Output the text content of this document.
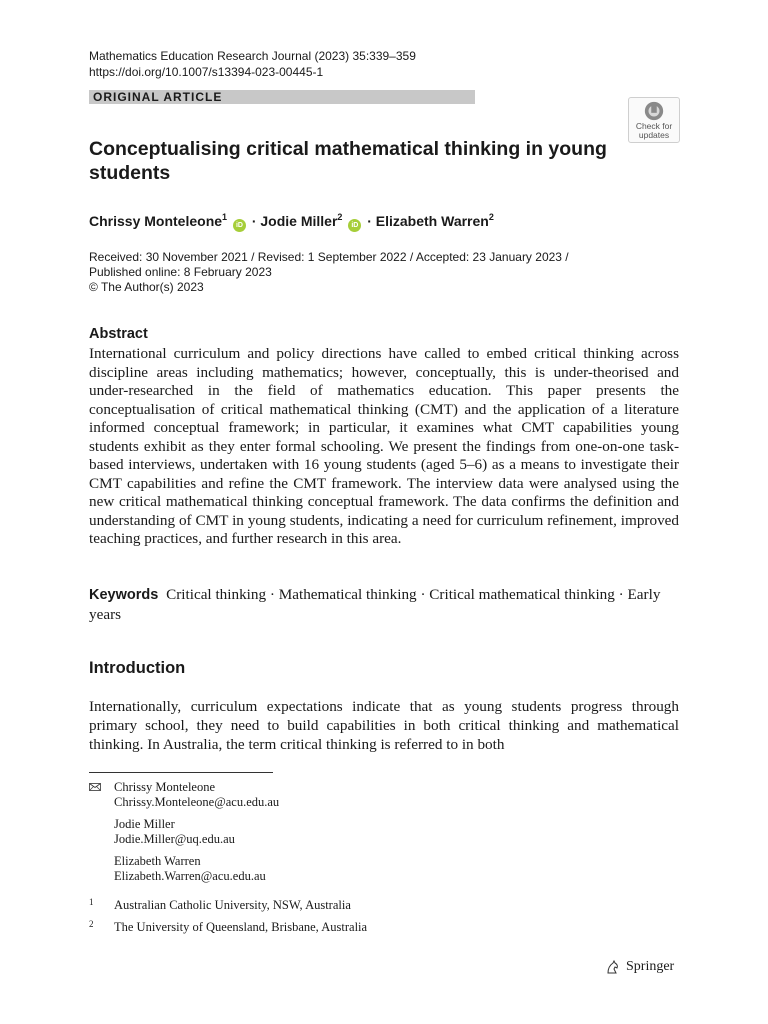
Mathematics Education Research Journal (2023) 35:339–359
https://doi.org/10.1007/s13394-023-00445-1
ORIGINAL ARTICLE
Check for
updates
Conceptualising critical mathematical thinking in young students
Chrissy Monteleone$^1$ iD · Jodie Miller$^2$ iD · Elizabeth Warren$^2$
Received: 30 November 2021 / Revised: 1 September 2022 / Accepted: 23 January 2023 /
Published online: 8 February 2023
© The Author(s) 2023
Abstract
International curriculum and policy directions have called to embed critical thinking across discipline areas including mathematics; however, conceptually, this is under-theorised and under-researched in the field of mathematics education. This paper presents the conceptualisation of critical mathematical thinking (CMT) and the application of a literature informed conceptual framework; in particular, it examines what CMT capabilities young students exhibit as they enter formal schooling. We present the findings from one-on-one task-based interviews, undertaken with 16 young students (aged 5–6) as a means to investigate their CMT capabilities and refine the CMT framework. The interview data were analysed using the new critical mathematical thinking conceptual framework. The data confirms the definition and understanding of CMT in young students, indicating a need for curriculum refinement, improved teaching practices, and further research in this area.
Keywords Critical thinking · Mathematical thinking · Critical mathematical thinking · Early years
Introduction
Internationally, curriculum expectations indicate that as young students progress through primary school, they need to build capabilities in both critical thinking and mathematical thinking. In Australia, the term critical thinking is referred to in both
Chrissy Monteleone
Chrissy.Monteleone@acu.edu.au
Jodie Miller
Jodie.Miller@uq.edu.au
Elizabeth Warren
Elizabeth.Warren@acu.edu.au
1 Australian Catholic University, NSW, Australia
2 The University of Queensland, Brisbane, Australia
Springer
